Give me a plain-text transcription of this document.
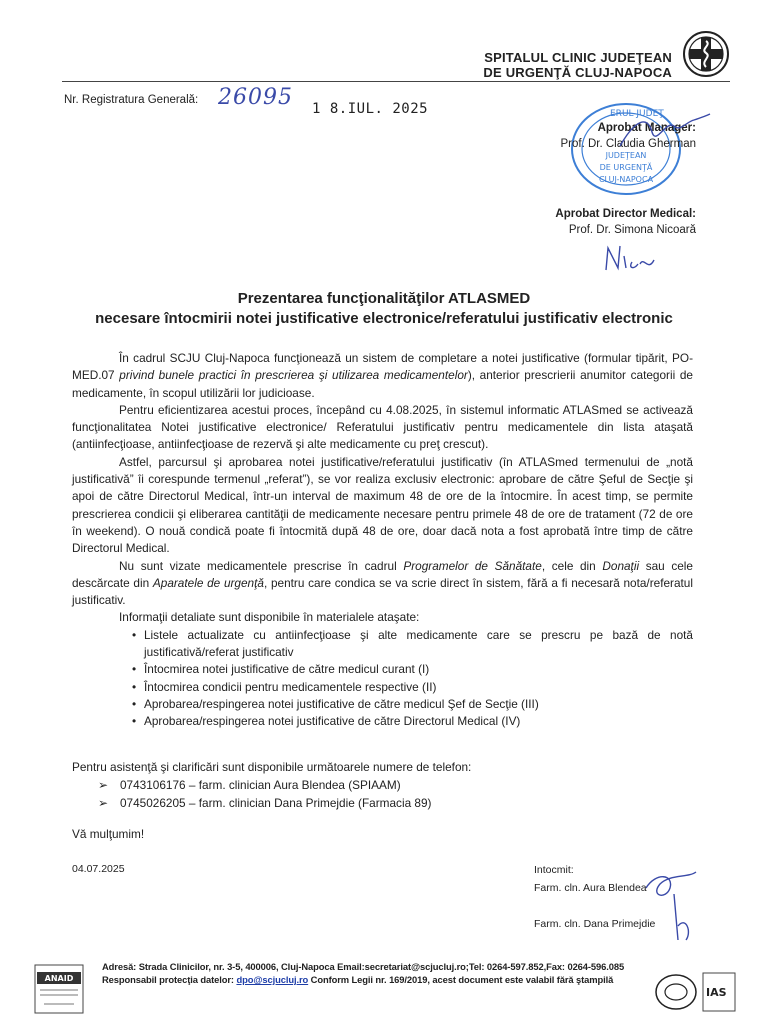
SPITALUL CLINIC JUDEŢEAN
DE URGENŢĂ CLUJ-NAPOCA
Nr. Registratura Generală: 26095 1 8.IUL. 2025	ERUL JUDEŢ
JUDEŢEAN
DE URGENŢĂ
CLUJ-NAPOCA
Aprobat Manager:
Prof. Dr. Claudia Gherman
Aprobat Director Medical:
Prof. Dr. Simona Nicoară
Prezentarea funcţionalităţilor ATLASMED
necesare întocmirii notei justificative electronice/referatului justificativ electronic

În cadrul SCJU Cluj-Napoca funcţionează un sistem de completare a notei justificative (formular tipărit, PO-MED.07 privind bunele practici în prescrierea şi utilizarea medicamentelor), anterior prescrierii anumitor categorii de medicamente, în scopul utilizării lor judicioase.

Pentru eficientizarea acestui proces, începând cu 4.08.2025, în sistemul informatic ATLASmed se activează funcţionalitatea Notei justificative electronice/ Referatului justificativ pentru medicamentele din lista ataşată (antiinfecţioase, antiinfecţioase de rezervă şi alte medicamente cu preţ crescut).

Astfel, parcursul şi aprobarea notei justificative/referatului justificativ (în ATLASmed termenului de „notă justificativă” îi corespunde termenul „referat”), se vor realiza exclusiv electronic: aprobare de către Şeful de Secţie şi apoi de către Directorul Medical, într-un interval de maximum 48 de ore de la întocmire. În acest timp, se permite prescrierea condicii şi eliberarea cantităţii de medicamente necesare pentru primele 48 de ore de tratament (72 de ore în weekend). O nouă condică poate fi întocmită după 48 de ore, doar dacă nota a fost aprobată între timp de către Directorul Medical.

Nu sunt vizate medicamentele prescrise în cadrul Programelor de Sănătate, cele din Donaţii sau cele descărcate din Aparatele de urgenţă, pentru care condica se va scrie direct în sistem, fără a fi necesară nota/referatul justificativ.

Informaţii detaliate sunt disponibile în materialele ataşate:

• Listele actualizate cu antiinfecţioase şi alte medicamente care se prescru pe bază de notă justificativă/referat justificativ
• Întocmirea notei justificative de către medicul curant (I)
• Întocmirea condicii pentru medicamentele respective (II)
• Aprobarea/respingerea notei justificative de către medicul Şef de Secţie (III)
• Aprobarea/respingerea notei justificative de către Directorul Medical (IV)
Pentru asistenţă şi clarificări sunt disponibile următoarele numere de telefon:
➢ 0743106176 – farm. clinician Aura Blendea (SPIAAM)
➢ 0745026205 – farm. clinician Dana Primejdie (Farmacia 89)
Vă mulţumim!
04.07.2025	Intocmit:
Farm. cln. Aura Blendea
Farm. cln. Dana Primejdie
ANAID
Adresă: Strada Clinicilor, nr. 3-5, 400006, Cluj-Napoca Email:secretariat@scjucluj.ro;Tel: 0264-597.852,Fax: 0264-596.085
Responsabil protecţia datelor: dpo@scjucluj.ro Conform Legii nr. 169/2019, acest document este valabil fără ştampilă
IAS
